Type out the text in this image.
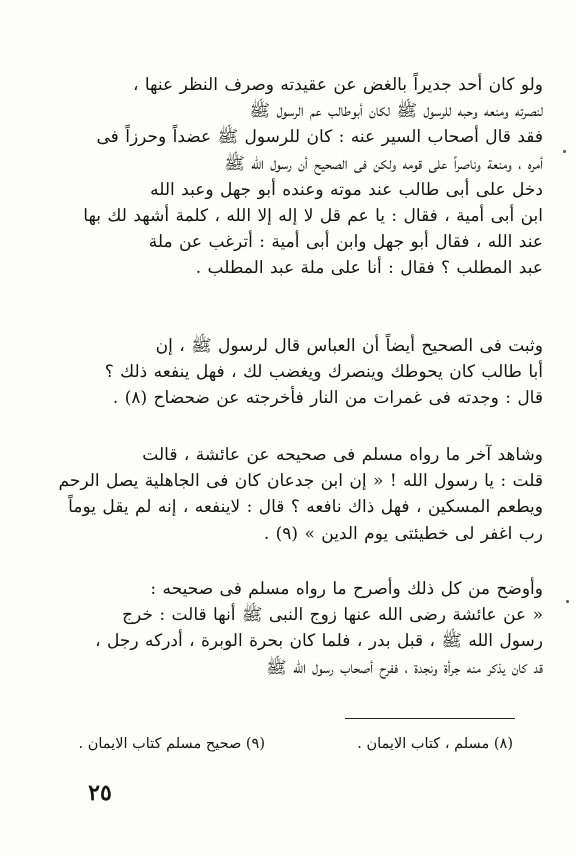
ولو كان أحد جديراً بالغض عن عقيدته وصرف النظر عنها ،
لنصرته ومنعه وحبه للرسول ﷺ لكان أبوطالب عم الرسول ﷺ
فقد قال أصحاب السير عنه : كان للرسول ﷺ عضداً وحرزاً فى
أمره ، ومنعة وناصراً على قومه ولكن فى الصحيح أن رسول الله ﷺ
دخل على أبى طالب عند موته وعنده أبو جهل وعبد الله
ابن أبى أمية ، فقال : يا عم قل لا إله إلا الله ، كلمة أشهد لك بها
عند الله ، فقال أبو جهل وابن أبى أمية : أترغب عن ملة
عبد المطلب ؟ فقال : أنا على ملة عبد المطلب .
وثبت فى الصحيح أيضاً أن العباس قال لرسول ﷺ ، إن
أبا طالب كان يحوطك وينصرك ويغضب لك ، فهل ينفعه ذلك ؟
قال : وجدته فى غمرات من النار فأخرجته عن ضحضاح (٨) .
وشاهد آخر ما رواه مسلم فى صحيحه عن عائشة ، قالت
قلت : يا رسول الله ! « إن ابن جدعان كان فى الجاهلية يصل الرحم
ويطعم المسكين ، فهل ذاك نافعه ؟ قال : لاينفعه ، إنه لم يقل يوماً
رب اغفر لى خطيئتى يوم الدين » (٩) .
وأوضح من كل ذلك وأصرح ما رواه مسلم فى صحيحه :
« عن عائشة رضى الله عنها زوج النبى ﷺ أنها قالت : خرج
رسول الله ﷺ ، قبل بدر ، فلما كان بحرة الوبرة ، أدركه رجل ،
قد كان يذكر منه جرأة ونجدة ، ففرح أصحاب رسول الله ﷺ
(٨) مسلم ، كتاب الايمان .
(٩) صحيح مسلم كتاب الايمان .
٢٥
